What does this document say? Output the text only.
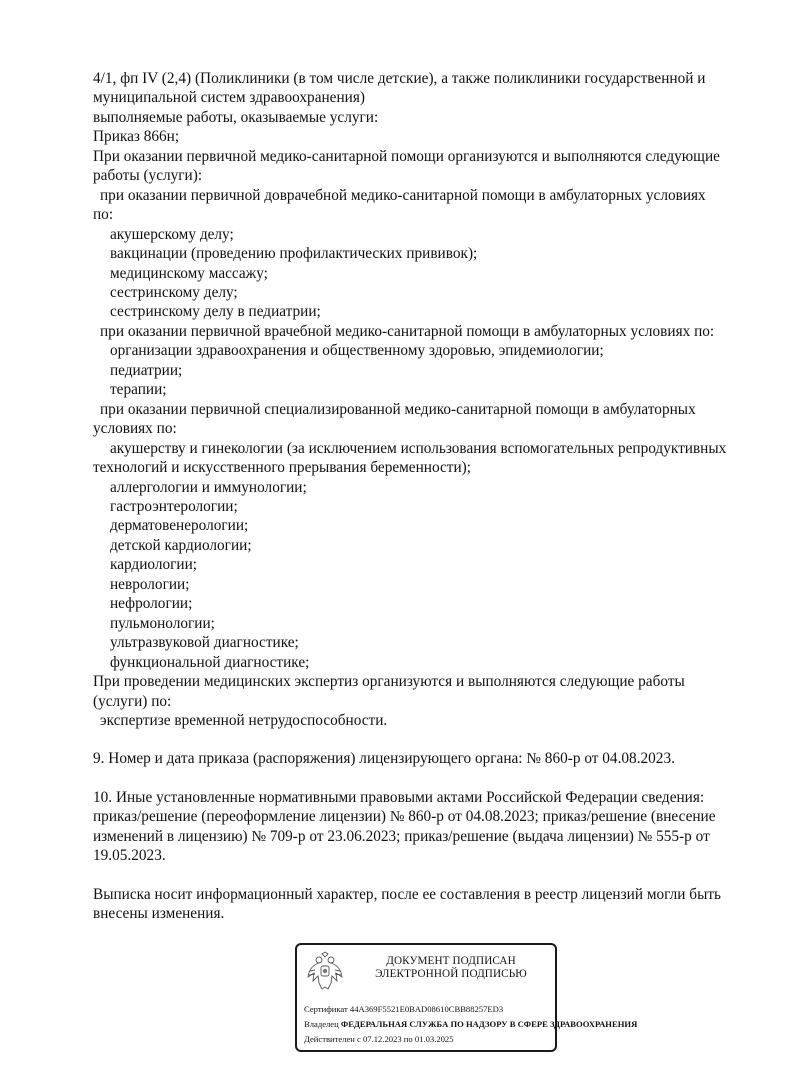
4/1, фп IV (2,4) (Поликлиники (в том числе детские), а также поликлиники государственной и
муниципальной систем здравоохранения)
выполняемые работы, оказываемые услуги:
Приказ 866н;
При оказании первичной медико-санитарной помощи организуются и выполняются следующие
работы (услуги):
при оказании первичной доврачебной медико-санитарной помощи в амбулаторных условиях
по:
акушерскому делу;
вакцинации (проведению профилактических прививок);
медицинскому массажу;
сестринскому делу;
сестринскому делу в педиатрии;
при оказании первичной врачебной медико-санитарной помощи в амбулаторных условиях по:
организации здравоохранения и общественному здоровью, эпидемиологии;
педиатрии;
терапии;
при оказании первичной специализированной медико-санитарной помощи в амбулаторных
условиях по:
акушерству и гинекологии (за исключением использования вспомогательных репродуктивных
технологий и искусственного прерывания беременности);
аллергологии и иммунологии;
гастроэнтерологии;
дерматовенерологии;
детской кардиологии;
кардиологии;
неврологии;
нефрологии;
пульмонологии;
ультразвуковой диагностике;
функциональной диагностике;
При проведении медицинских экспертиз организуются и выполняются следующие работы
(услуги) по:
экспертизе временной нетрудоспособности.
9. Номер и дата приказа (распоряжения) лицензирующего органа: № 860-р от 04.08.2023.
10. Иные установленные нормативными правовыми актами Российской Федерации сведения:
приказ/решение (переоформление лицензии) № 860-р от 04.08.2023; приказ/решение (внесение
изменений в лицензию) № 709-р от 23.06.2023; приказ/решение (выдача лицензии) № 555-р от
19.05.2023.
Выписка носит информационный характер, после ее составления в реестр лицензий могли быть
внесены изменения.
ДОКУМЕНТ ПОДПИСАН
ЭЛЕКТРОННОЙ ПОДПИСЬЮ
Сертификат 44A369F5521E0BAD08610CBB88257ED3
Владелец ФЕДЕРАЛЬНАЯ СЛУЖБА ПО НАДЗОРУ В СФЕРЕ ЗДРАВООХРАНЕНИЯ
Действителен с 07.12.2023 по 01.03.2025
